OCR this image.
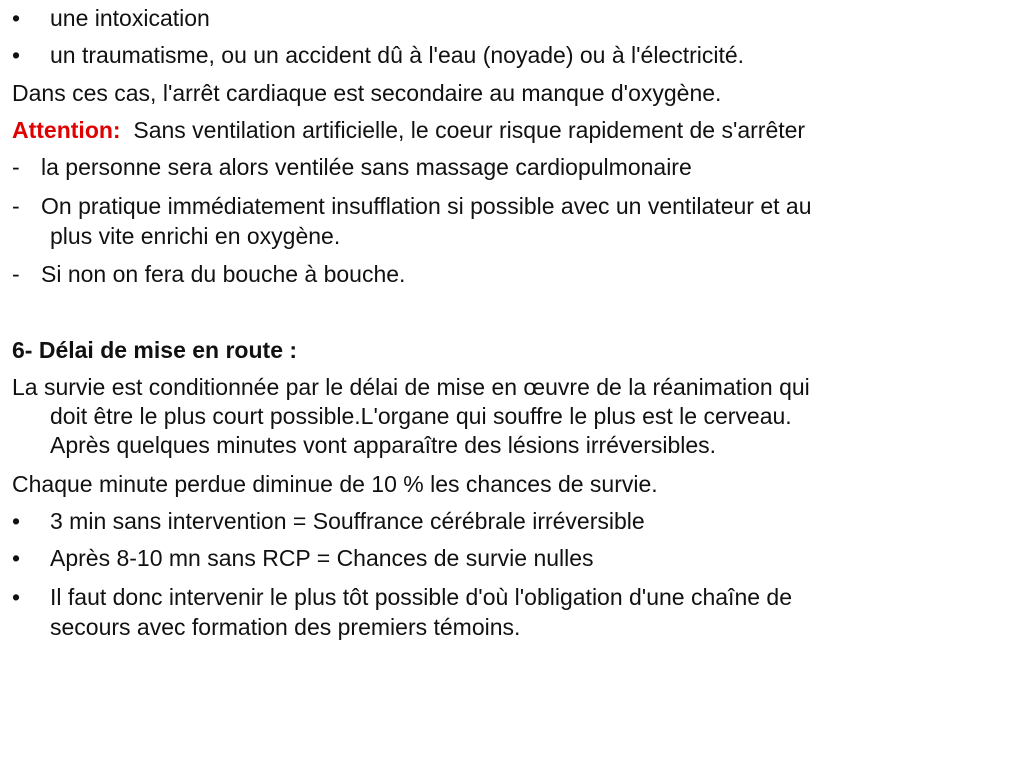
• une intoxication
• un traumatisme, ou un accident dû à l'eau (noyade) ou à l'électricité.
Dans ces cas, l'arrêt cardiaque est secondaire au manque d'oxygène.
Attention: Sans ventilation artificielle, le coeur risque rapidement de s'arrêter
- la personne sera alors ventilée sans massage cardiopulmonaire
- On pratique immédiatement insufflation si possible avec un ventilateur et au
plus vite enrichi en oxygène.
- Si non on fera du bouche à bouche.
6- Délai de mise en route :
La survie est conditionnée par le délai de mise en œuvre de la réanimation qui
doit être le plus court possible.L'organe qui souffre le plus est le cerveau.
Après quelques minutes vont apparaître des lésions irréversibles.
Chaque minute perdue diminue de 10 % les chances de survie.
• 3 min sans intervention = Souffrance cérébrale irréversible
• Après 8-10 mn sans RCP = Chances de survie nulles
• Il faut donc intervenir le plus tôt possible d'où l'obligation d'une chaîne de
secours avec formation des premiers témoins.
